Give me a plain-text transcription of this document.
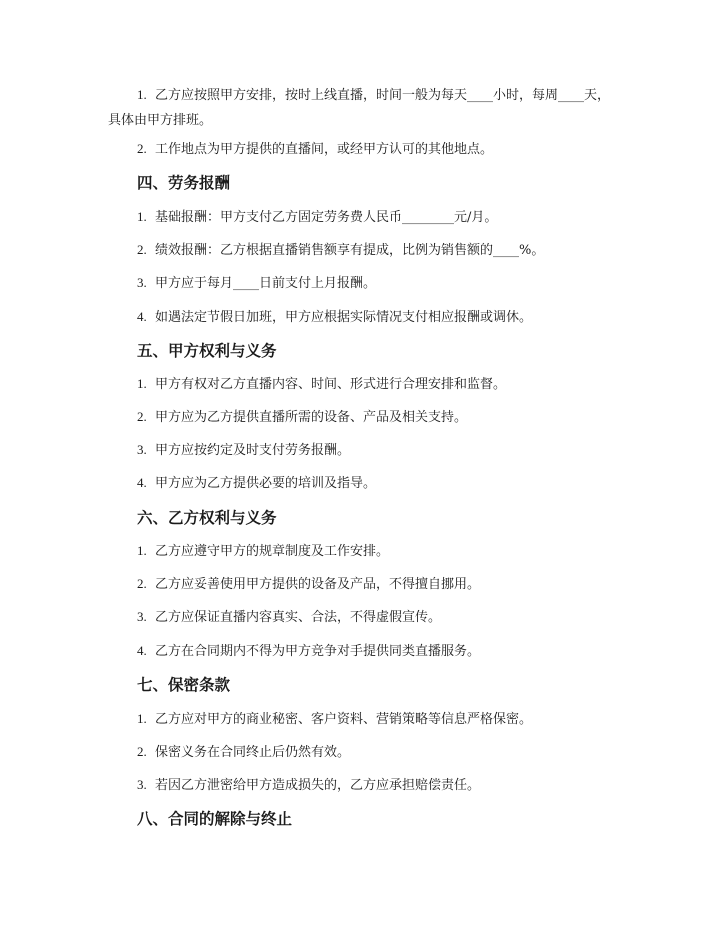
1. 乙方应按照甲方安排，按时上线直播，时间一般为每天____小时，每周____天，具体由甲方排班。
2. 工作地点为甲方提供的直播间，或经甲方认可的其他地点。
四、劳务报酬
1. 基础报酬：甲方支付乙方固定劳务费人民币________元/月。
2. 绩效报酬：乙方根据直播销售额享有提成，比例为销售额的____%。
3. 甲方应于每月____日前支付上月报酬。
4. 如遇法定节假日加班，甲方应根据实际情况支付相应报酬或调休。
五、甲方权利与义务
1. 甲方有权对乙方直播内容、时间、形式进行合理安排和监督。
2. 甲方应为乙方提供直播所需的设备、产品及相关支持。
3. 甲方应按约定及时支付劳务报酬。
4. 甲方应为乙方提供必要的培训及指导。
六、乙方权利与义务
1. 乙方应遵守甲方的规章制度及工作安排。
2. 乙方应妥善使用甲方提供的设备及产品，不得擅自挪用。
3. 乙方应保证直播内容真实、合法，不得虚假宣传。
4. 乙方在合同期内不得为甲方竞争对手提供同类直播服务。
七、保密条款
1. 乙方应对甲方的商业秘密、客户资料、营销策略等信息严格保密。
2. 保密义务在合同终止后仍然有效。
3. 若因乙方泄密给甲方造成损失的，乙方应承担赔偿责任。
八、合同的解除与终止
